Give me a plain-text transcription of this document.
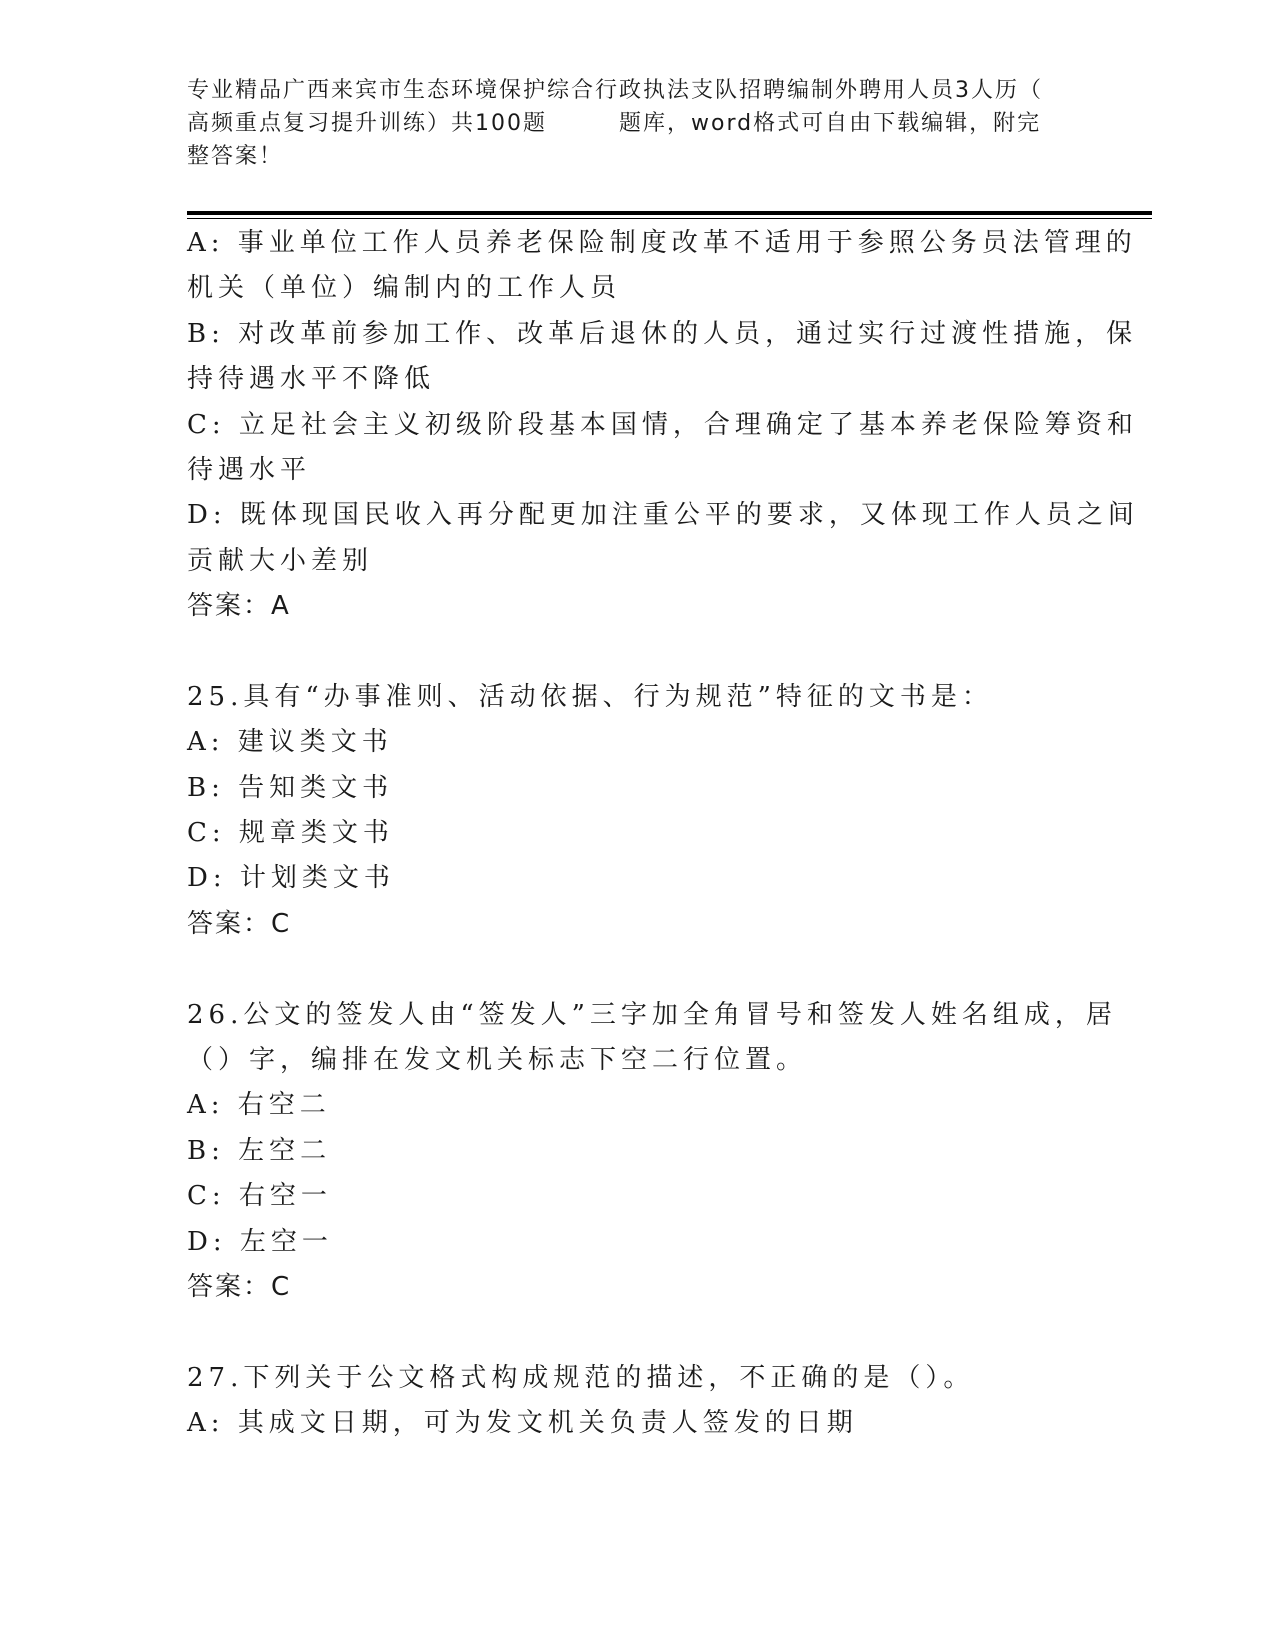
专业精品广西来宾市生态环境保护综合行政执法支队招聘编制外聘用人员3人历（
高频重点复习提升训练）共100题　　　题库，word格式可自由下载编辑，附完
整答案！
A: 事业单位工作人员养老保险制度改革不适用于参照公务员法管理的
机关（单位）编制内的工作人员
B: 对改革前参加工作、改革后退休的人员，通过实行过渡性措施，保
持待遇水平不降低
C: 立足社会主义初级阶段基本国情，合理确定了基本养老保险筹资和
待遇水平
D: 既体现国民收入再分配更加注重公平的要求，又体现工作人员之间
贡献大小差别
答案：A
25.具有“办事准则、活动依据、行为规范”特征的文书是：
A: 建议类文书
B: 告知类文书
C: 规章类文书
D: 计划类文书
答案：C
26.公文的签发人由“签发人”三字加全角冒号和签发人姓名组成，居
（）字，编排在发文机关标志下空二行位置。
A: 右空二
B: 左空二
C: 右空一
D: 左空一
答案：C
27.下列关于公文格式构成规范的描述，不正确的是（）。
A: 其成文日期，可为发文机关负责人签发的日期
